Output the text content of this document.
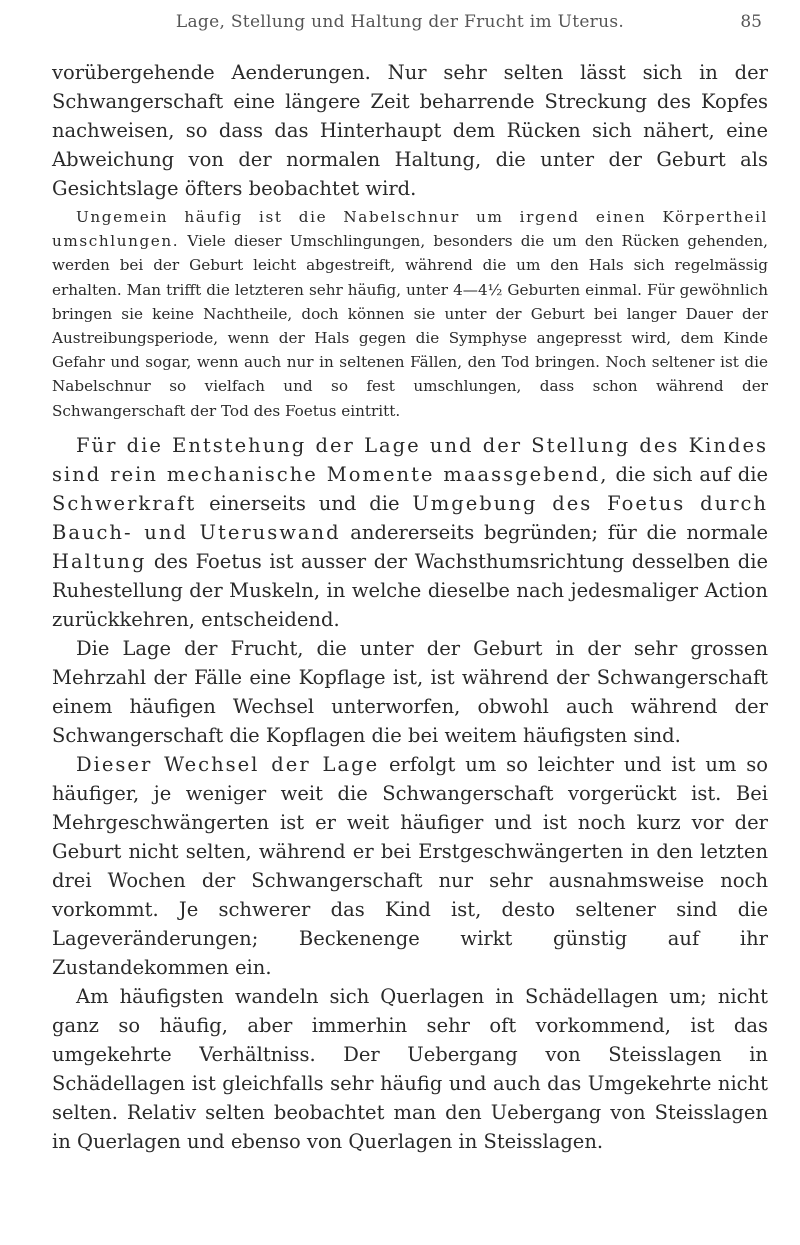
Lage, Stellung und Haltung der Frucht im Uterus.	85

vorübergehende Aenderungen. Nur sehr selten lässt sich in der Schwangerschaft eine längere Zeit beharrende Streckung des Kopfes nachweisen, so dass das Hinterhaupt dem Rücken sich nähert, eine Abweichung von der normalen Haltung, die unter der Geburt als Gesichtslage öfters beobachtet wird.

Ungemein häufig ist die Nabelschnur um irgend einen Körpertheil umschlungen. Viele dieser Umschlingungen, besonders die um den Rücken gehenden, werden bei der Geburt leicht abgestreift, während die um den Hals sich regelmässig erhalten. Man trifft die letzteren sehr häufig, unter 4—4½ Geburten einmal. Für gewöhnlich bringen sie keine Nachtheile, doch können sie unter der Geburt bei langer Dauer der Austreibungsperiode, wenn der Hals gegen die Symphyse angepresst wird, dem Kinde Gefahr und sogar, wenn auch nur in seltenen Fällen, den Tod bringen. Noch seltener ist die Nabelschnur so vielfach und so fest umschlungen, dass schon während der Schwangerschaft der Tod des Foetus eintritt.

Für die Entstehung der Lage und der Stellung des Kindes sind rein mechanische Momente maassgebend, die sich auf die Schwerkraft einerseits und die Umgebung des Foetus durch Bauch- und Uteruswand andererseits begründen; für die normale Haltung des Foetus ist ausser der Wachsthumsrichtung desselben die Ruhestellung der Muskeln, in welche dieselbe nach jedesmaliger Action zurückkehren, entscheidend.

Die Lage der Frucht, die unter der Geburt in der sehr grossen Mehrzahl der Fälle eine Kopflage ist, ist während der Schwangerschaft einem häufigen Wechsel unterworfen, obwohl auch während der Schwangerschaft die Kopflagen die bei weitem häufigsten sind.

Dieser Wechsel der Lage erfolgt um so leichter und ist um so häufiger, je weniger weit die Schwangerschaft vorgerückt ist. Bei Mehrgeschwängerten ist er weit häufiger und ist noch kurz vor der Geburt nicht selten, während er bei Erstgeschwängerten in den letzten drei Wochen der Schwangerschaft nur sehr ausnahmsweise noch vorkommt. Je schwerer das Kind ist, desto seltener sind die Lageveränderungen; Beckenenge wirkt günstig auf ihr Zustandekommen ein.

Am häufigsten wandeln sich Querlagen in Schädellagen um; nicht ganz so häufig, aber immerhin sehr oft vorkommend, ist das umgekehrte Verhältniss. Der Uebergang von Steisslagen in Schädellagen ist gleichfalls sehr häufig und auch das Umgekehrte nicht selten. Relativ selten beobachtet man den Uebergang von Steisslagen in Querlagen und ebenso von Querlagen in Steisslagen.
